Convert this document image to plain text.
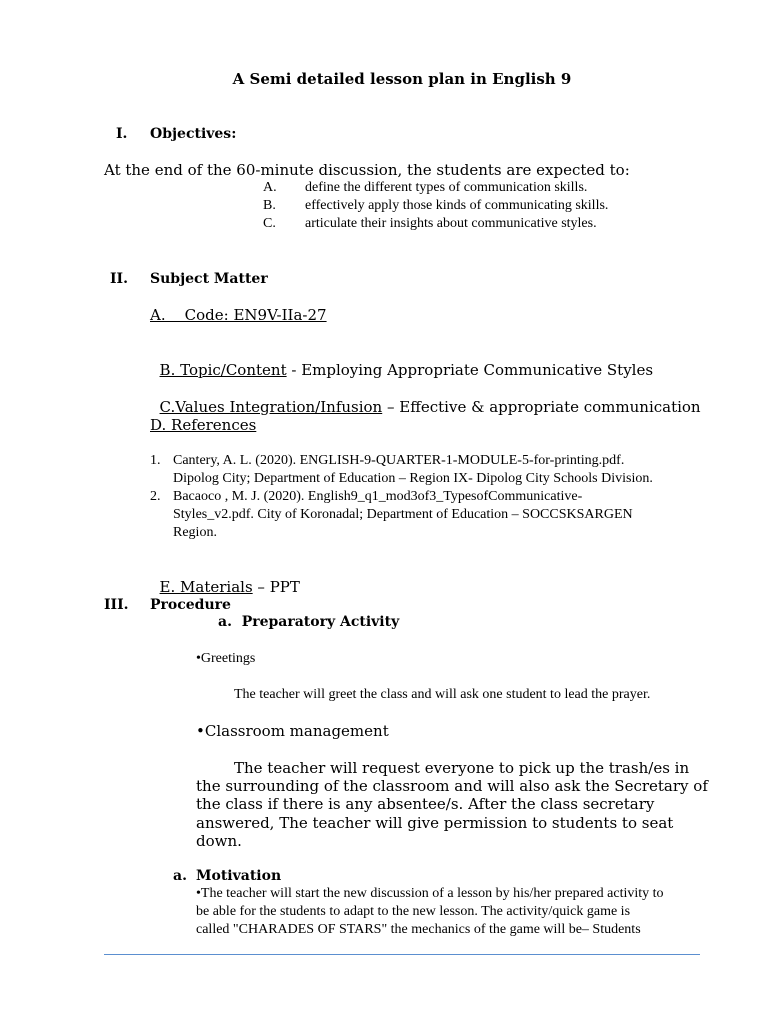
A Semi detailed lesson plan in English 9
I. Objectives:
At the end of the 60-minute discussion, the students are expected to:
A. define the different types of communication skills.
B. effectively apply those kinds of communicating skills.
C. articulate their insights about communicative styles.
II. Subject Matter
A.    Code: EN9V-IIa-27

B. Topic/Content - Employing Appropriate Communicative Styles

C.Values Integration/Infusion – Effective & appropriate communication

D. References
1. Cantery, A. L. (2020). ENGLISH-9-QUARTER-1-MODULE-5-for-printing.pdf.
Dipolog City; Department of Education – Region IX- Dipolog City Schools Division.
2. Bacaoco , M. J. (2020). English9_q1_mod3of3_TypesofCommunicative-
Styles_v2.pdf. City of Koronadal; Department of Education – SOCCSKSARGEN
Region.

E. Materials – PPT

III. Procedure
a.  Preparatory Activity
•Greetings
The teacher will greet the class and will ask one student to lead the prayer.
•Classroom management
The teacher will request everyone to pick up the trash/es in
the surrounding of the classroom and will also ask the Secretary of
the class if there is any absentee/s. After the class secretary
answered, The teacher will give permission to students to seat
down.
a. Motivation
•The teacher will start the new discussion of a lesson by his/her prepared activity to
be able for the students to adapt to the new lesson. The activity/quick game is
called "CHARADES OF STARS" the mechanics of the game will be– Students
